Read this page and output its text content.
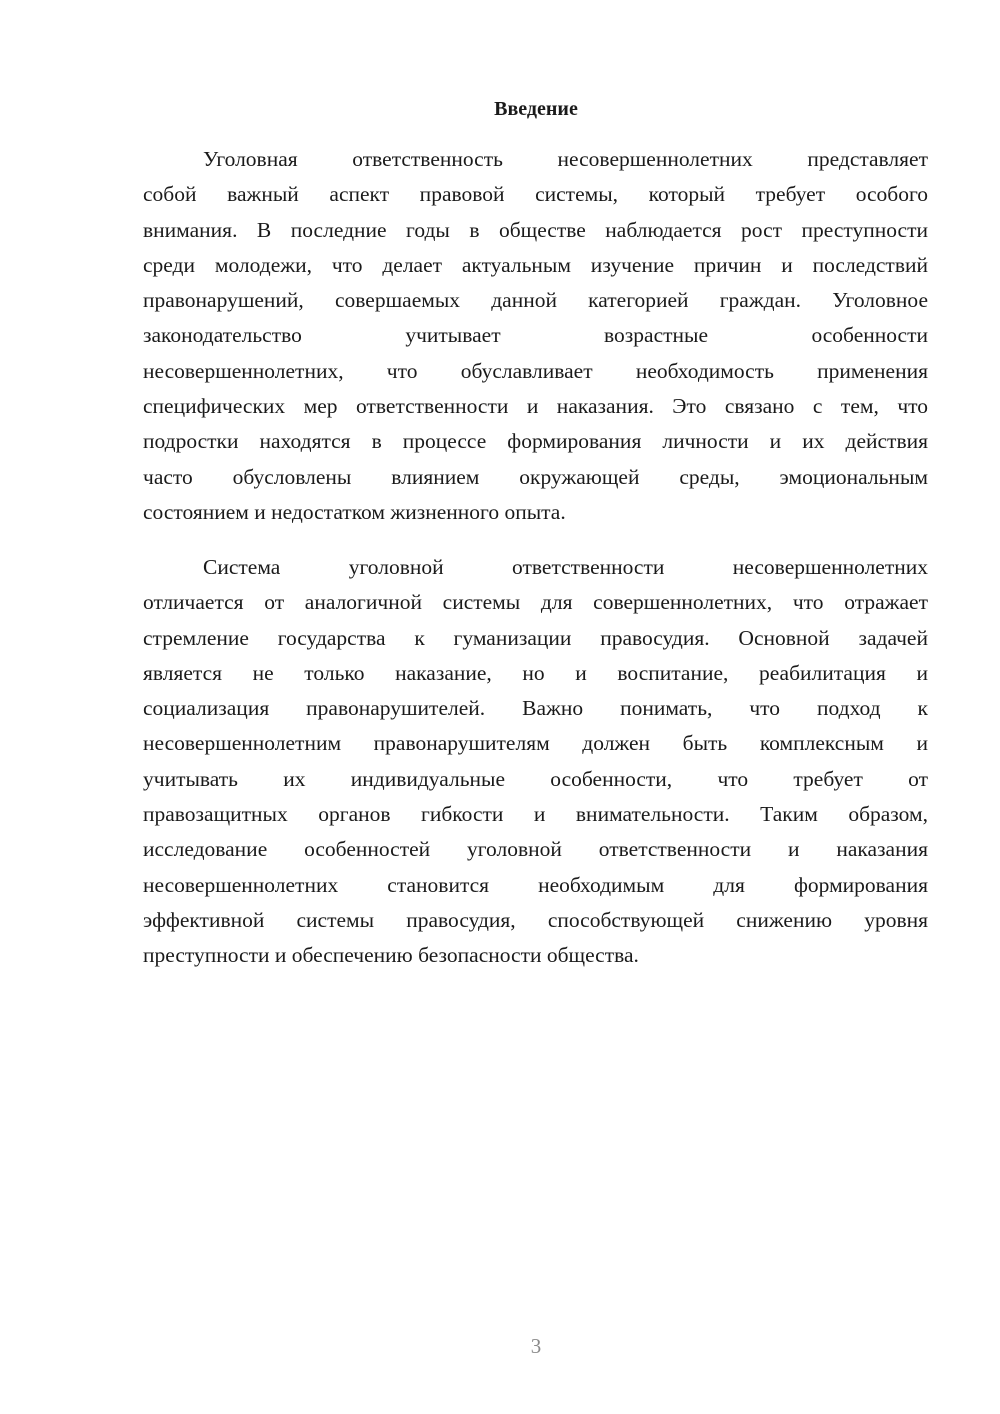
Введение
Уголовная ответственность несовершеннолетних представляет
собой важный аспект правовой системы, который требует особого
внимания. В последние годы в обществе наблюдается рост преступности
среди молодежи, что делает актуальным изучение причин и последствий
правонарушений, совершаемых данной категорией граждан. Уголовное
законодательство учитывает возрастные особенности
несовершеннолетних, что обуславливает необходимость применения
специфических мер ответственности и наказания. Это связано с тем, что
подростки находятся в процессе формирования личности и их действия
часто обусловлены влиянием окружающей среды, эмоциональным
состоянием и недостатком жизненного опыта.
Система уголовной ответственности несовершеннолетних
отличается от аналогичной системы для совершеннолетних, что отражает
стремление государства к гуманизации правосудия. Основной задачей
является не только наказание, но и воспитание, реабилитация и
социализация правонарушителей. Важно понимать, что подход к
несовершеннолетним правонарушителям должен быть комплексным и
учитывать их индивидуальные особенности, что требует от
правозащитных органов гибкости и внимательности. Таким образом,
исследование особенностей уголовной ответственности и наказания
несовершеннолетних становится необходимым для формирования
эффективной системы правосудия, способствующей снижению уровня
преступности и обеспечению безопасности общества.
3
